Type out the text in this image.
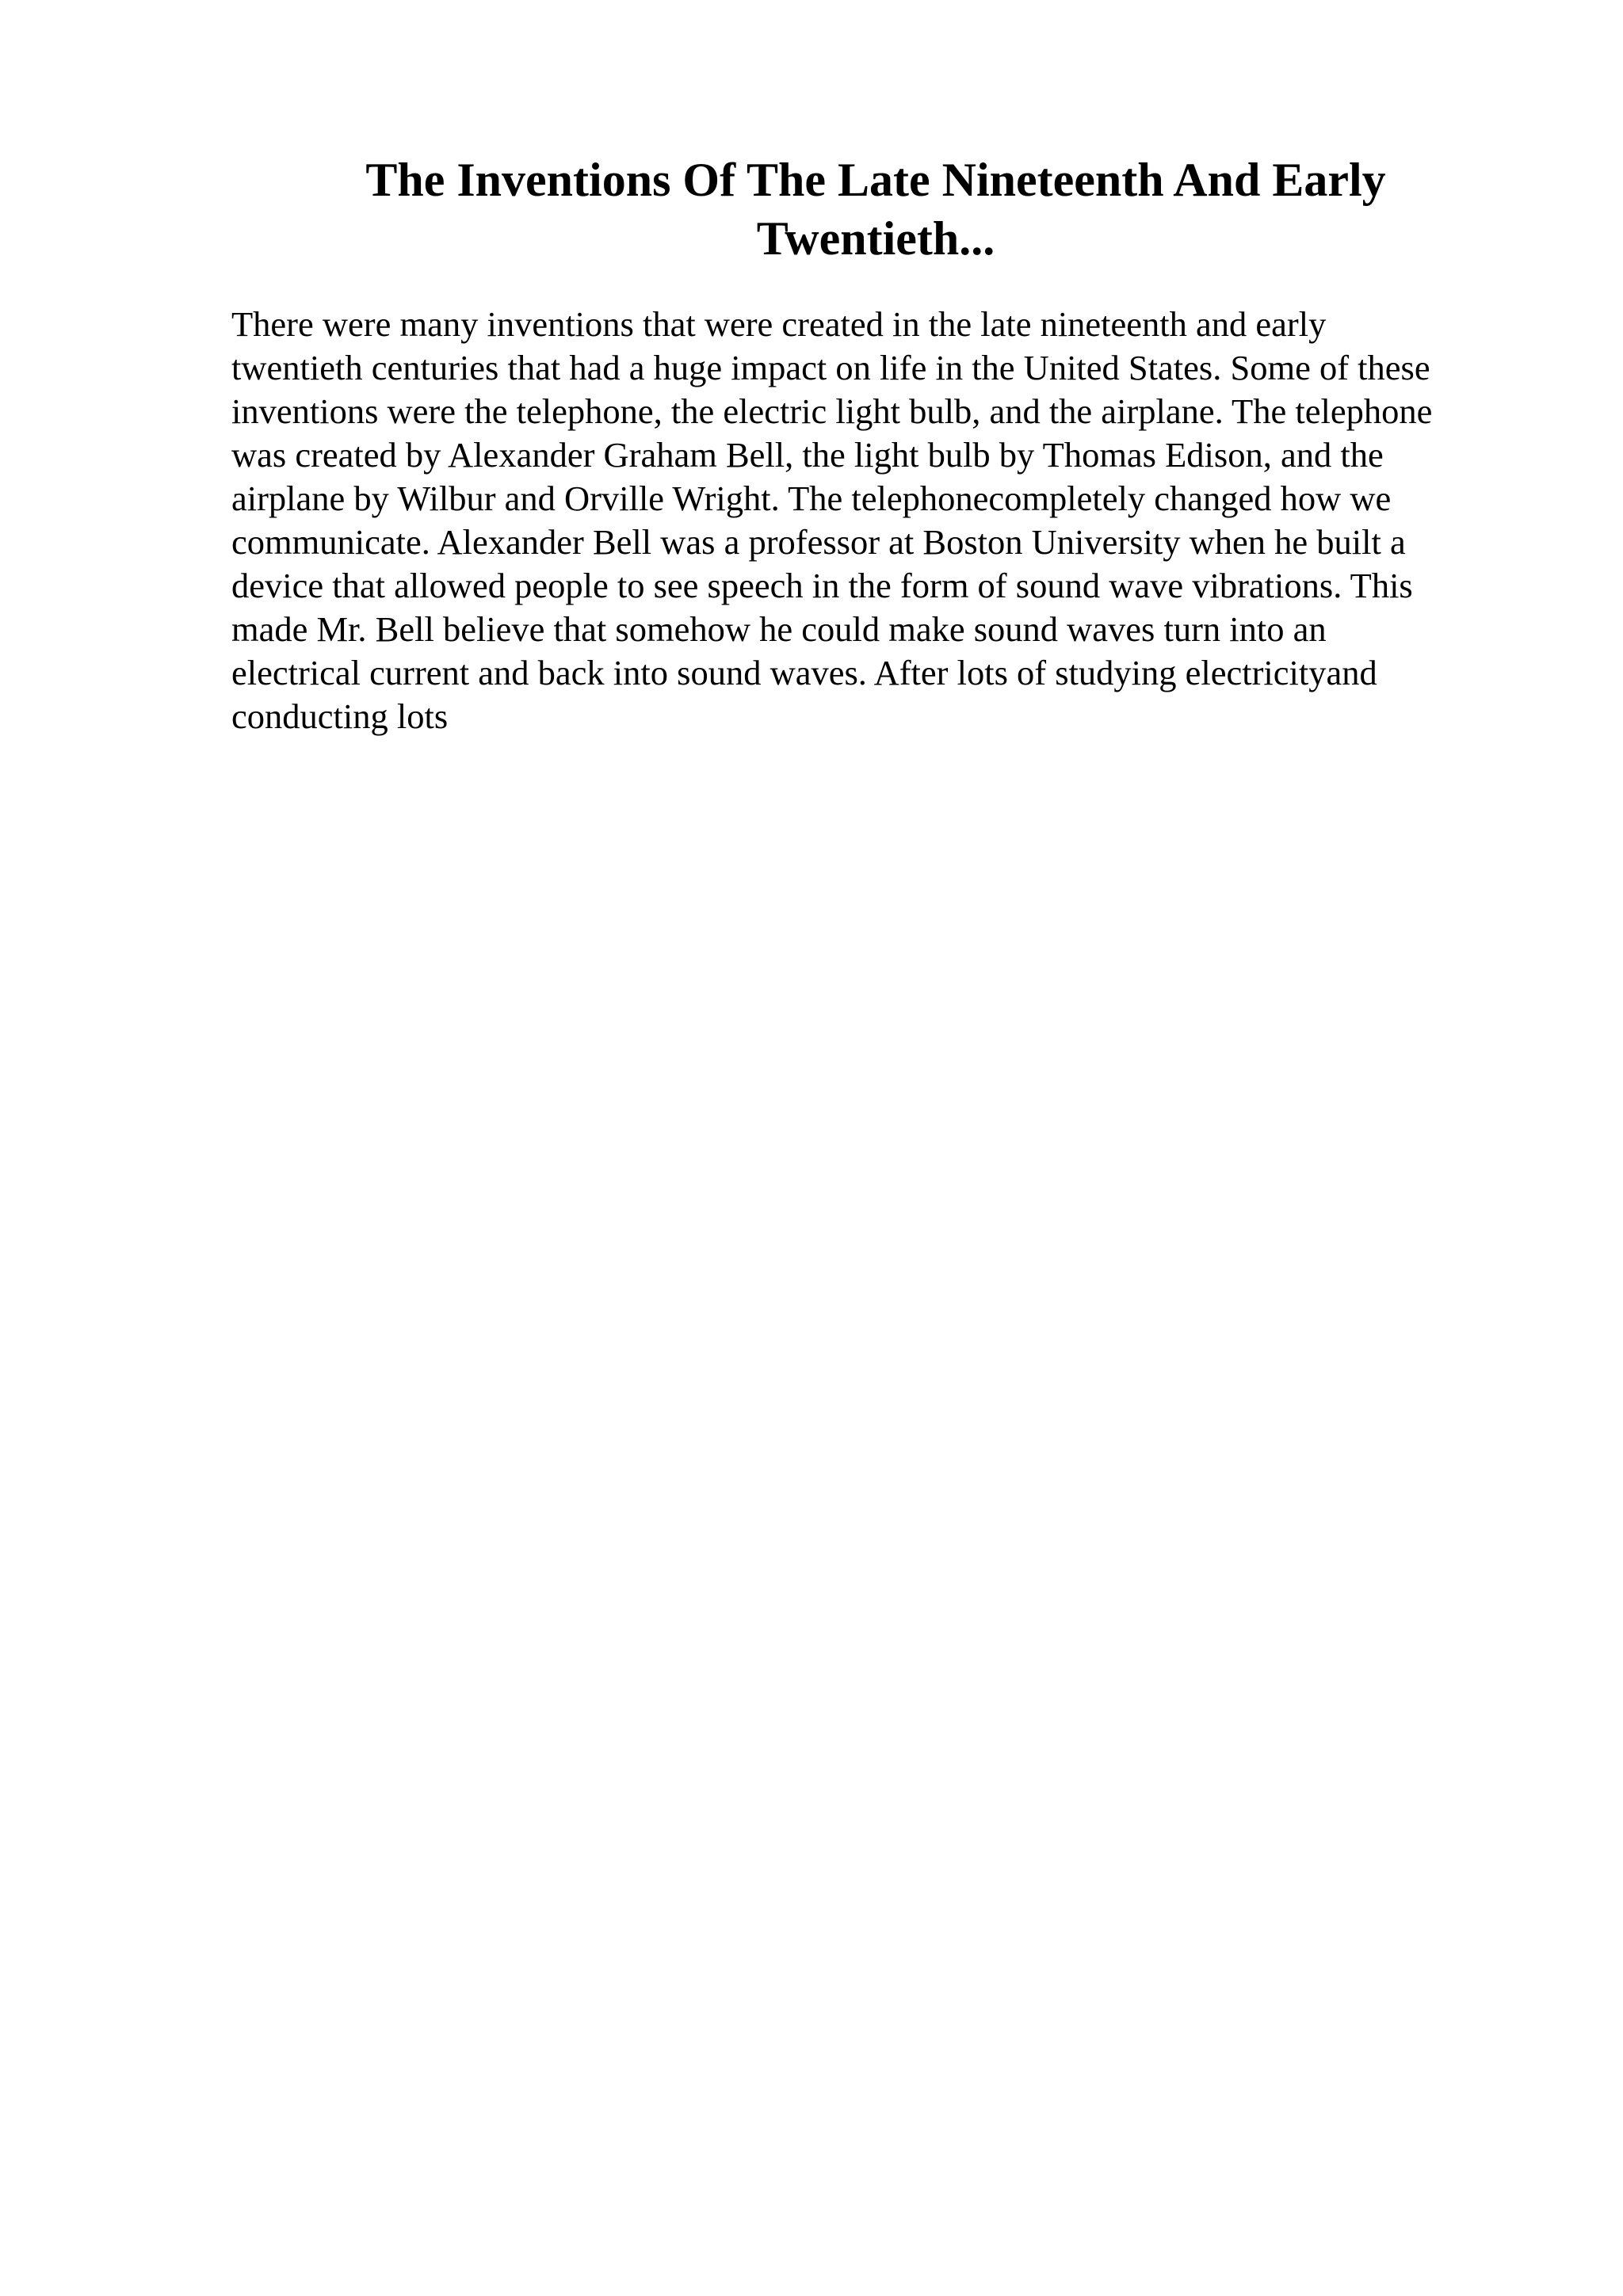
The Inventions Of The Late Nineteenth And Early Twentieth...

There were many inventions that were created in the late nineteenth and early
twentieth centuries that had a huge impact on life in the United States. Some of these
inventions were the telephone, the electric light bulb, and the airplane. The telephone
was created by Alexander Graham Bell, the light bulb by Thomas Edison, and the
airplane by Wilbur and Orville Wright. The telephonecompletely changed how we
communicate. Alexander Bell was a professor at Boston University when he built a
device that allowed people to see speech in the form of sound wave vibrations. This
made Mr. Bell believe that somehow he could make sound waves turn into an
electrical current and back into sound waves. After lots of studying electricityand
conducting lots
